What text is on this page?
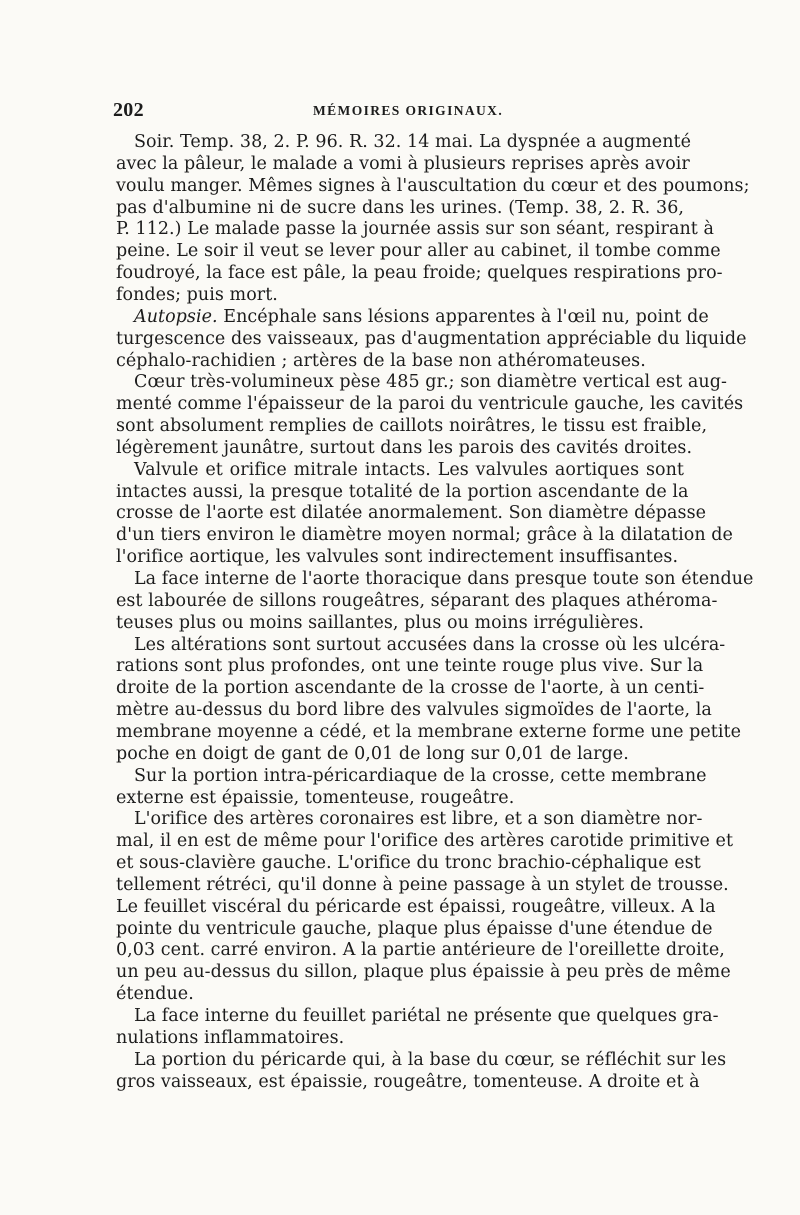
202	MÉMOIRES ORIGINAUX.
Soir. Temp. 38, 2. P. 96. R. 32. 14 mai. La dyspnée a augmenté
avec la pâleur, le malade a vomi à plusieurs reprises après avoir
voulu manger. Mêmes signes à l'auscultation du cœur et des poumons;
pas d'albumine ni de sucre dans les urines. (Temp. 38, 2. R. 36,
P. 112.) Le malade passe la journée assis sur son séant, respirant à
peine. Le soir il veut se lever pour aller au cabinet, il tombe comme
foudroyé, la face est pâle, la peau froide; quelques respirations pro-
fondes; puis mort.
Autopsie. Encéphale sans lésions apparentes à l'œil nu, point de
turgescence des vaisseaux, pas d'augmentation appréciable du liquide
céphalo-rachidien ; artères de la base non athéromateuses.
Cœur très-volumineux pèse 485 gr.; son diamètre vertical est aug-
menté comme l'épaisseur de la paroi du ventricule gauche, les cavités
sont absolument remplies de caillots noirâtres, le tissu est fraible,
légèrement jaunâtre, surtout dans les parois des cavités droites.
Valvule et orifice mitrale intacts. Les valvules aortiques sont
intactes aussi, la presque totalité de la portion ascendante de la
crosse de l'aorte est dilatée anormalement. Son diamètre dépasse
d'un tiers environ le diamètre moyen normal; grâce à la dilatation de
l'orifice aortique, les valvules sont indirectement insuffisantes.
La face interne de l'aorte thoracique dans presque toute son étendue
est labourée de sillons rougeâtres, séparant des plaques athéroma-
teuses plus ou moins saillantes, plus ou moins irrégulières.
Les altérations sont surtout accusées dans la crosse où les ulcéra-
rations sont plus profondes, ont une teinte rouge plus vive. Sur la
droite de la portion ascendante de la crosse de l'aorte, à un centi-
mètre au-dessus du bord libre des valvules sigmoïdes de l'aorte, la
membrane moyenne a cédé, et la membrane externe forme une petite
poche en doigt de gant de 0,01 de long sur 0,01 de large.
Sur la portion intra-péricardiaque de la crosse, cette membrane
externe est épaissie, tomenteuse, rougeâtre.
L'orifice des artères coronaires est libre, et a son diamètre nor-
mal, il en est de même pour l'orifice des artères carotide primitive et
et sous-clavière gauche. L'orifice du tronc brachio-céphalique est
tellement rétréci, qu'il donne à peine passage à un stylet de trousse.
Le feuillet viscéral du péricarde est épaissi, rougeâtre, villeux. A la
pointe du ventricule gauche, plaque plus épaisse d'une étendue de
0,03 cent. carré environ. A la partie antérieure de l'oreillette droite,
un peu au-dessus du sillon, plaque plus épaissie à peu près de même
étendue.
La face interne du feuillet pariétal ne présente que quelques gra-
nulations inflammatoires.
La portion du péricarde qui, à la base du cœur, se réfléchit sur les
gros vaisseaux, est épaissie, rougeâtre, tomenteuse. A droite et à
